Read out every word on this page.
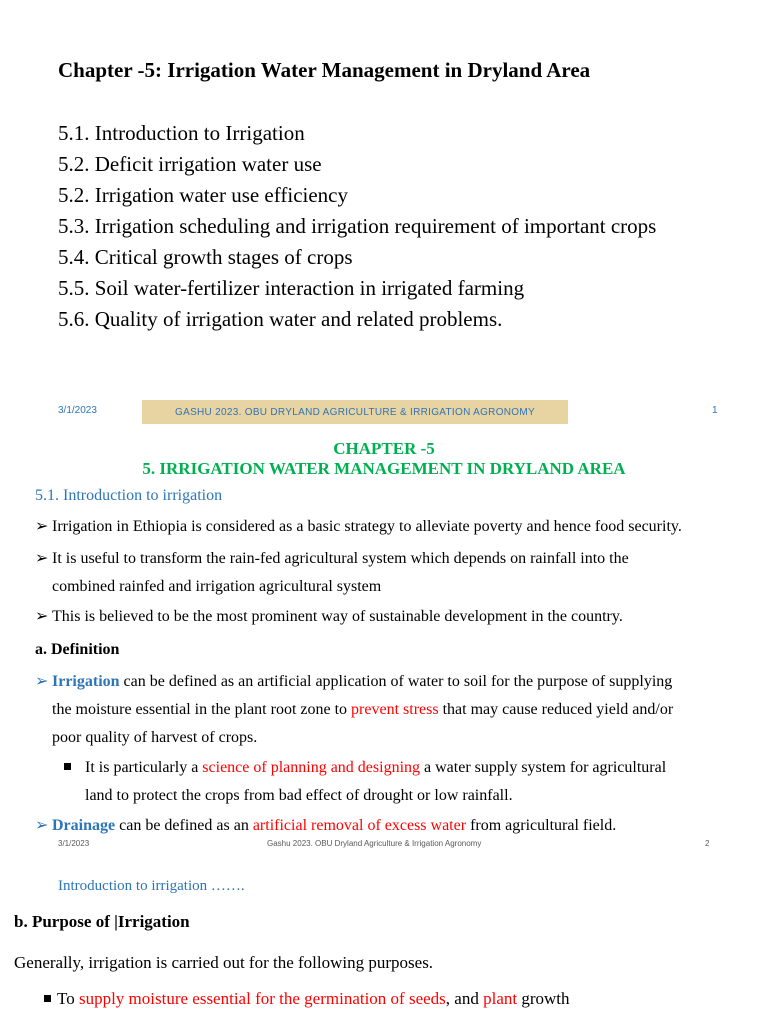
Chapter -5: Irrigation Water Management in Dryland Area
5.1. Introduction to Irrigation
5.2. Deficit irrigation water use
5.2. Irrigation water use efficiency
5.3. Irrigation scheduling and irrigation requirement of important crops
5.4. Critical growth stages of crops
5.5. Soil water-fertilizer interaction in irrigated farming
5.6. Quality of irrigation water and related problems.
3/1/2023	GASHU 2023. OBU DRYLAND AGRICULTURE & IRRIGATION AGRONOMY	1
CHAPTER -5
5. IRRIGATION WATER MANAGEMENT IN DRYLAND AREA
5.1. Introduction to irrigation
➢ Irrigation in Ethiopia is considered as a basic strategy to alleviate poverty and hence food security.
➢ It is useful to transform the rain-fed agricultural system which depends on rainfall into the
combined rainfed and irrigation agricultural system
➢ This is believed to be the most prominent way of sustainable development in the country.
a. Definition
➢ Irrigation can be defined as an artificial application of water to soil for the purpose of supplying
the moisture essential in the plant root zone to prevent stress that may cause reduced yield and/or
poor quality of harvest of crops.
It is particularly a science of planning and designing a water supply system for agricultural
land to protect the crops from bad effect of drought or low rainfall.
➢ Drainage can be defined as an artificial removal of excess water from agricultural field.
3/1/2023	Gashu 2023. OBU Dryland Agriculture & Irrigation Agronomy	2
Introduction to irrigation …….
b. Purpose of |Irrigation
Generally, irrigation is carried out for the following purposes.
To supply moisture essential for the germination of seeds, and plant growth
